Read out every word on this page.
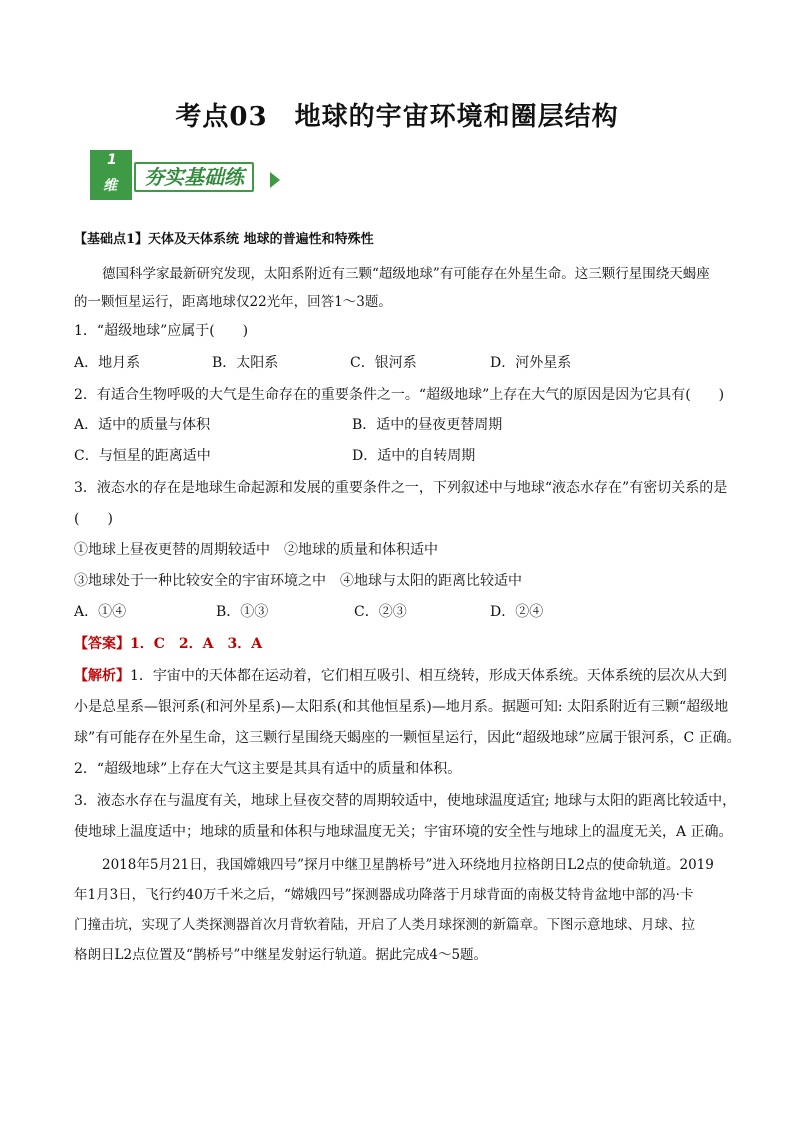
考点03　地球的宇宙环境和圈层结构
1
维	夯实基础练
【基础点1】天体及天体系统 地球的普遍性和特殊性
德国科学家最新研究发现，太阳系附近有三颗“超级地球”有可能存在外星生命。这三颗行星围绕天蝎座
的一颗恒星运行，距离地球仅22光年，回答1～3题。
1．“超级地球”应属于(　　)
A．地月系	B．太阳系	C．银河系	D．河外星系
2．有适合生物呼吸的大气是生命存在的重要条件之一。“超级地球”上存在大气的原因是因为它具有(　　)
A．适中的质量与体积	B．适中的昼夜更替周期
C．与恒星的距离适中	D．适中的自转周期
3．液态水的存在是地球生命起源和发展的重要条件之一，下列叙述中与地球“液态水存在”有密切关系的是
(　　)
①地球上昼夜更替的周期较适中　②地球的质量和体积适中
③地球处于一种比较安全的宇宙环境之中　④地球与太阳的距离比较适中
A．①④	B．①③	C．②③	D．②④
【答案】1．C　2．A　3．A
【解析】1．宇宙中的天体都在运动着，它们相互吸引、相互绕转，形成天体系统。天体系统的层次从大到
小是总星系—银河系(和河外星系)—太阳系(和其他恒星系)—地月系。据题可知: 太阳系附近有三颗“超级地
球”有可能存在外星生命，这三颗行星围绕天蝎座的一颗恒星运行，因此“超级地球”应属于银河系，C 正确。
2．“超级地球”上存在大气这主要是其具有适中的质量和体积。
3．液态水存在与温度有关，地球上昼夜交替的周期较适中，使地球温度适宜; 地球与太阳的距离比较适中，
使地球上温度适中；地球的质量和体积与地球温度无关；宇宙环境的安全性与地球上的温度无关，A 正确。
2018年5月21日，我国嫦娥四号”探月中继卫星鹊桥号”进入环绕地月拉格朗日L2点的使命轨道。2019
年1月3日，飞行约40万千米之后，“嫦娥四号”探测器成功降落于月球背面的南极艾特肯盆地中部的冯·卡
门撞击坑，实现了人类探测器首次月背软着陆，开启了人类月球探测的新篇章。下图示意地球、月球、拉
格朗日L2点位置及“鹊桥号”中继星发射运行轨道。据此完成4～5题。
